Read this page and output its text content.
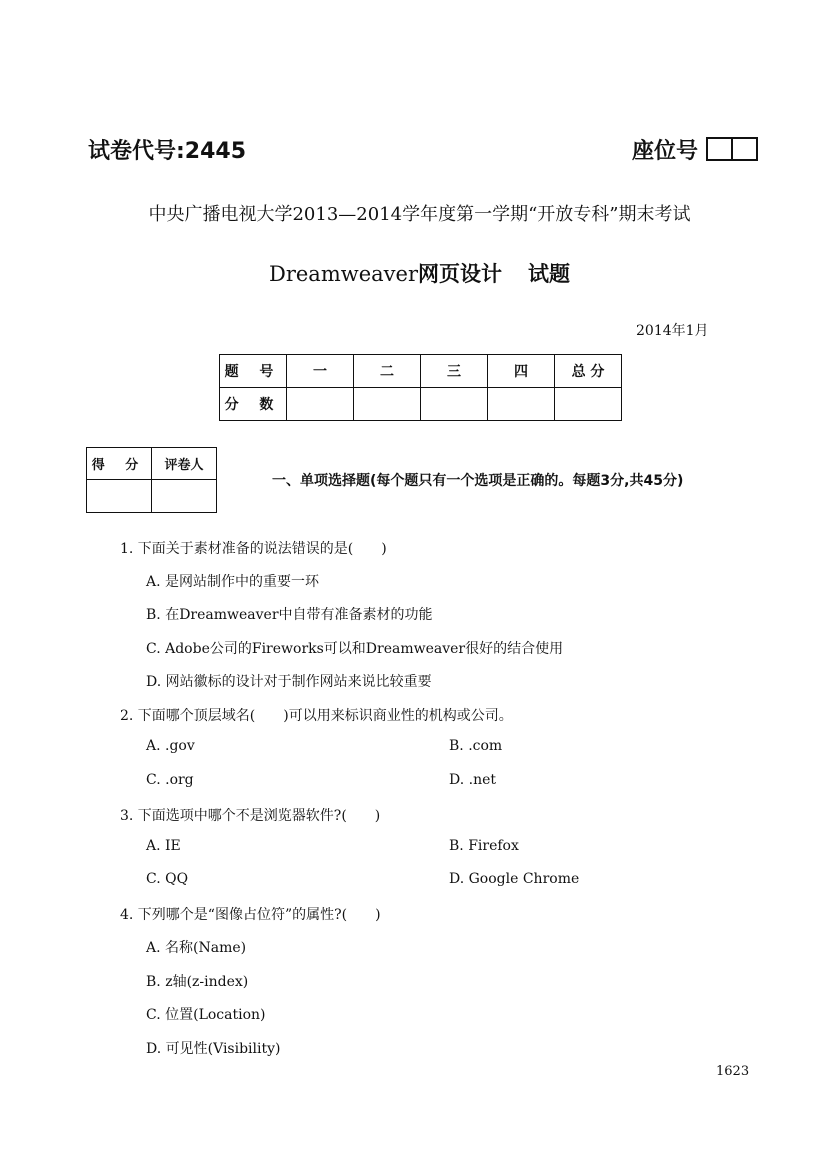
试卷代号:2445	座位号
中央广播电视大学2013—2014学年度第一学期“开放专科”期末考试
Dreamweaver网页设计 试题
2014年1月
题 号	一	二	三	四	总 分
分 数					
得 分	评卷人

一、单项选择题(每个题只有一个选项是正确的。每题3分,共45分)
1. 下面关于素材准备的说法错误的是(　　)
A. 是网站制作中的重要一环
B. 在Dreamweaver中自带有准备素材的功能
C. Adobe公司的Fireworks可以和Dreamweaver很好的结合使用
D. 网站徽标的设计对于制作网站来说比较重要
2. 下面哪个顶层域名(　　)可以用来标识商业性的机构或公司。
A. .gov	B. .com
C. .org	D. .net
3. 下面选项中哪个不是浏览器软件?(　　)
A. IE	B. Firefox
C. QQ	D. Google Chrome
4. 下列哪个是“图像占位符”的属性?(　　)
A. 名称(Name)
B. z轴(z-index)
C. 位置(Location)
D. 可见性(Visibility)
1623
